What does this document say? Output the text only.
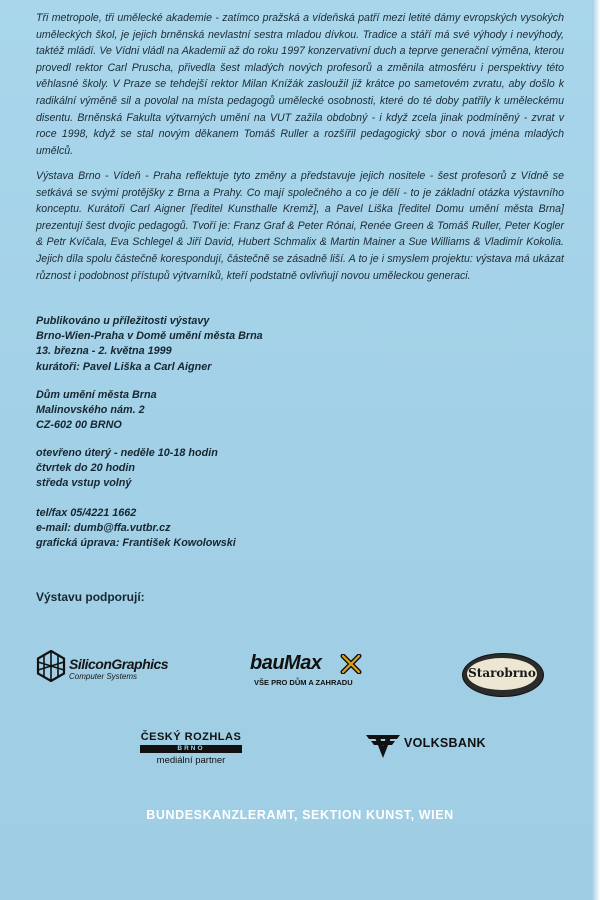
Tři metropole, tři umělecké akademie - zatímco pražská a vídeňská patří mezi letité dámy evropských vysokých uměleckých škol, je jejich brněnská nevlastní sestra mladou dívkou. Tradice a stáří má své výhody i nevýhody, taktéž mládí. Ve Vídni vládl na Akademii až do roku 1997 konzervativní duch a teprve generační výměna, kterou provedl rektor Carl Pruscha, přivedla šest mladých nových profesorů a změnila atmosféru i perspektivy této věhlasné školy. V Praze se tehdejší rektor Milan Knížák zasloužil již krátce po sametovém zvratu, aby došlo k radikální výměně sil a povolal na místa pedagogů umělecké osobnosti, které do té doby patřily k uměleckému disentu. Brněnská Fakulta výtvarných umění na VUT zažila obdobný - i když zcela jinak podmíněný - zvrat v roce 1998, když se stal novým děkanem Tomáš Ruller a rozšířil pedagogický sbor o nová jména mladých umělců.
Výstava Brno - Vídeň - Praha reflektuje tyto změny a představuje jejich nositele - šest profesorů z Vídně se setkává se svými protějšky z Brna a Prahy. Co mají společného a co je dělí - to je základní otázka výstavního konceptu. Kurátoři Carl Aigner [ředitel Kunsthalle Kremž], a Pavel Liška [ředitel Domu umění města Brna] prezentují šest dvojic pedagogů. Tvoří je: Franz Graf & Peter Rónai, Renée Green & Tomáš Ruller, Peter Kogler & Petr Kvíčala, Eva Schlegel & Jiří David, Hubert Schmalix & Martin Mainer a Sue Williams & Vladimír Kokolia. Jejich díla spolu částečně korespondují, částečně se zásadně liší. A to je i smyslem projektu: výstava má ukázat různost i podobnost přístupů výtvarníků, kteří podstatně ovlivňují novou uměleckou generaci.
Publikováno u příležitosti výstavy
Brno-Wien-Praha v Domě umění města Brna
13. března - 2. května 1999
kurátoři: Pavel Liška a Carl Aigner
Dům umění města Brna
Malinovského nám. 2
CZ-602 00 BRNO
otevřeno úterý - neděle 10-18 hodin
čtvrtek do 20 hodin
středa vstup volný
tel/fax 05/4221 1662
e-mail: dumb@ffa.vutbr.cz
grafická úprava: František Kowolowski
Výstavu podporují:
SiliconGraphics
Computer Systems
bauMax
VŠE PRO DŮM A ZAHRADU
Starobrno
ČESKÝ ROZHLAS
BRNO
mediální partner
VOLKSBANK
BUNDESKANZLERAMT, SEKTION KUNST, WIEN
